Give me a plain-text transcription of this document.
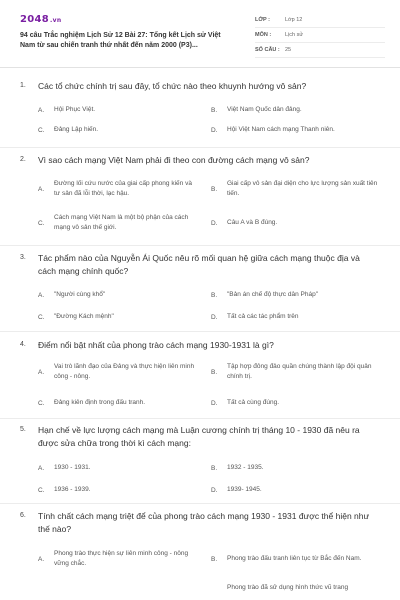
2048.vn
94 câu Trắc nghiệm Lịch Sử 12 Bài 27: Tổng kết Lịch sử Việt Nam từ sau chiến tranh thứ nhất đến năm 2000 (P3)...
LỚP :	Lớp 12
MÔN :	Lịch sử
SỐ CÂU : 25
1. Các tổ chức chính trị sau đây, tổ chức nào theo khuynh hướng vô sản?
A.	Hội Phục Việt.	B.	Việt Nam Quốc dân đảng.
C.	Đảng Lập hiến.	D.	Hội Việt Nam cách mạng Thanh niên.
2. Vì sao cách mạng Việt Nam phải đi theo con đường cách mạng vô sản?
A.
Đường lối cứu nước của giai cấp phong kiến và tư sản đã lỗi thời, lạc hậu.
B.
Giai cấp vô sản đại diện cho lực lượng sản xuất tiên tiến.
C.
Cách mạng Việt Nam là một bộ phận của cách mạng vô sản thế giới.
D.	Câu A và B đúng.
3. Tác phẩm nào của Nguyễn Ái Quốc nêu rõ mối quan hệ giữa cách mạng thuộc địa và cách mạng chính quốc?
A.	"Người cùng khổ"	B.	"Bản án chế độ thực dân Pháp"
C.	"Đường Kách mệnh"	D.	Tất cả các tác phẩm trên
4. Điểm nổi bật nhất của phong trào cách mạng 1930-1931 là gì?
A.
Vai trò lãnh đạo của Đảng và thực hiện liên minh công - nông.
B.
Tập hợp đông đảo quần chúng thành lập đội quân chính trị.
C.	Đảng kiên định trong đấu tranh.	D.	Tất cả cùng đúng.
5. Hạn chế về lực lượng cách mạng mà Luận cương chính trị tháng 10 - 1930 đã nêu ra được sửa chữa trong thời kì cách mạng:
A.	1930 - 1931.	B.	1932 - 1935.
C.	1936 - 1939.	D.	1939- 1945.
6. Tính chất cách mạng triệt để của phong trào cách mạng 1930 - 1931 được thể hiện như thế nào?
A.
Phong trào thực hiện sự liên minh công - nông vững chắc.
B.	Phong trào đấu tranh liên tục từ Bắc đến Nam.
Phong trào đã sử dụng hình thức vũ trang
